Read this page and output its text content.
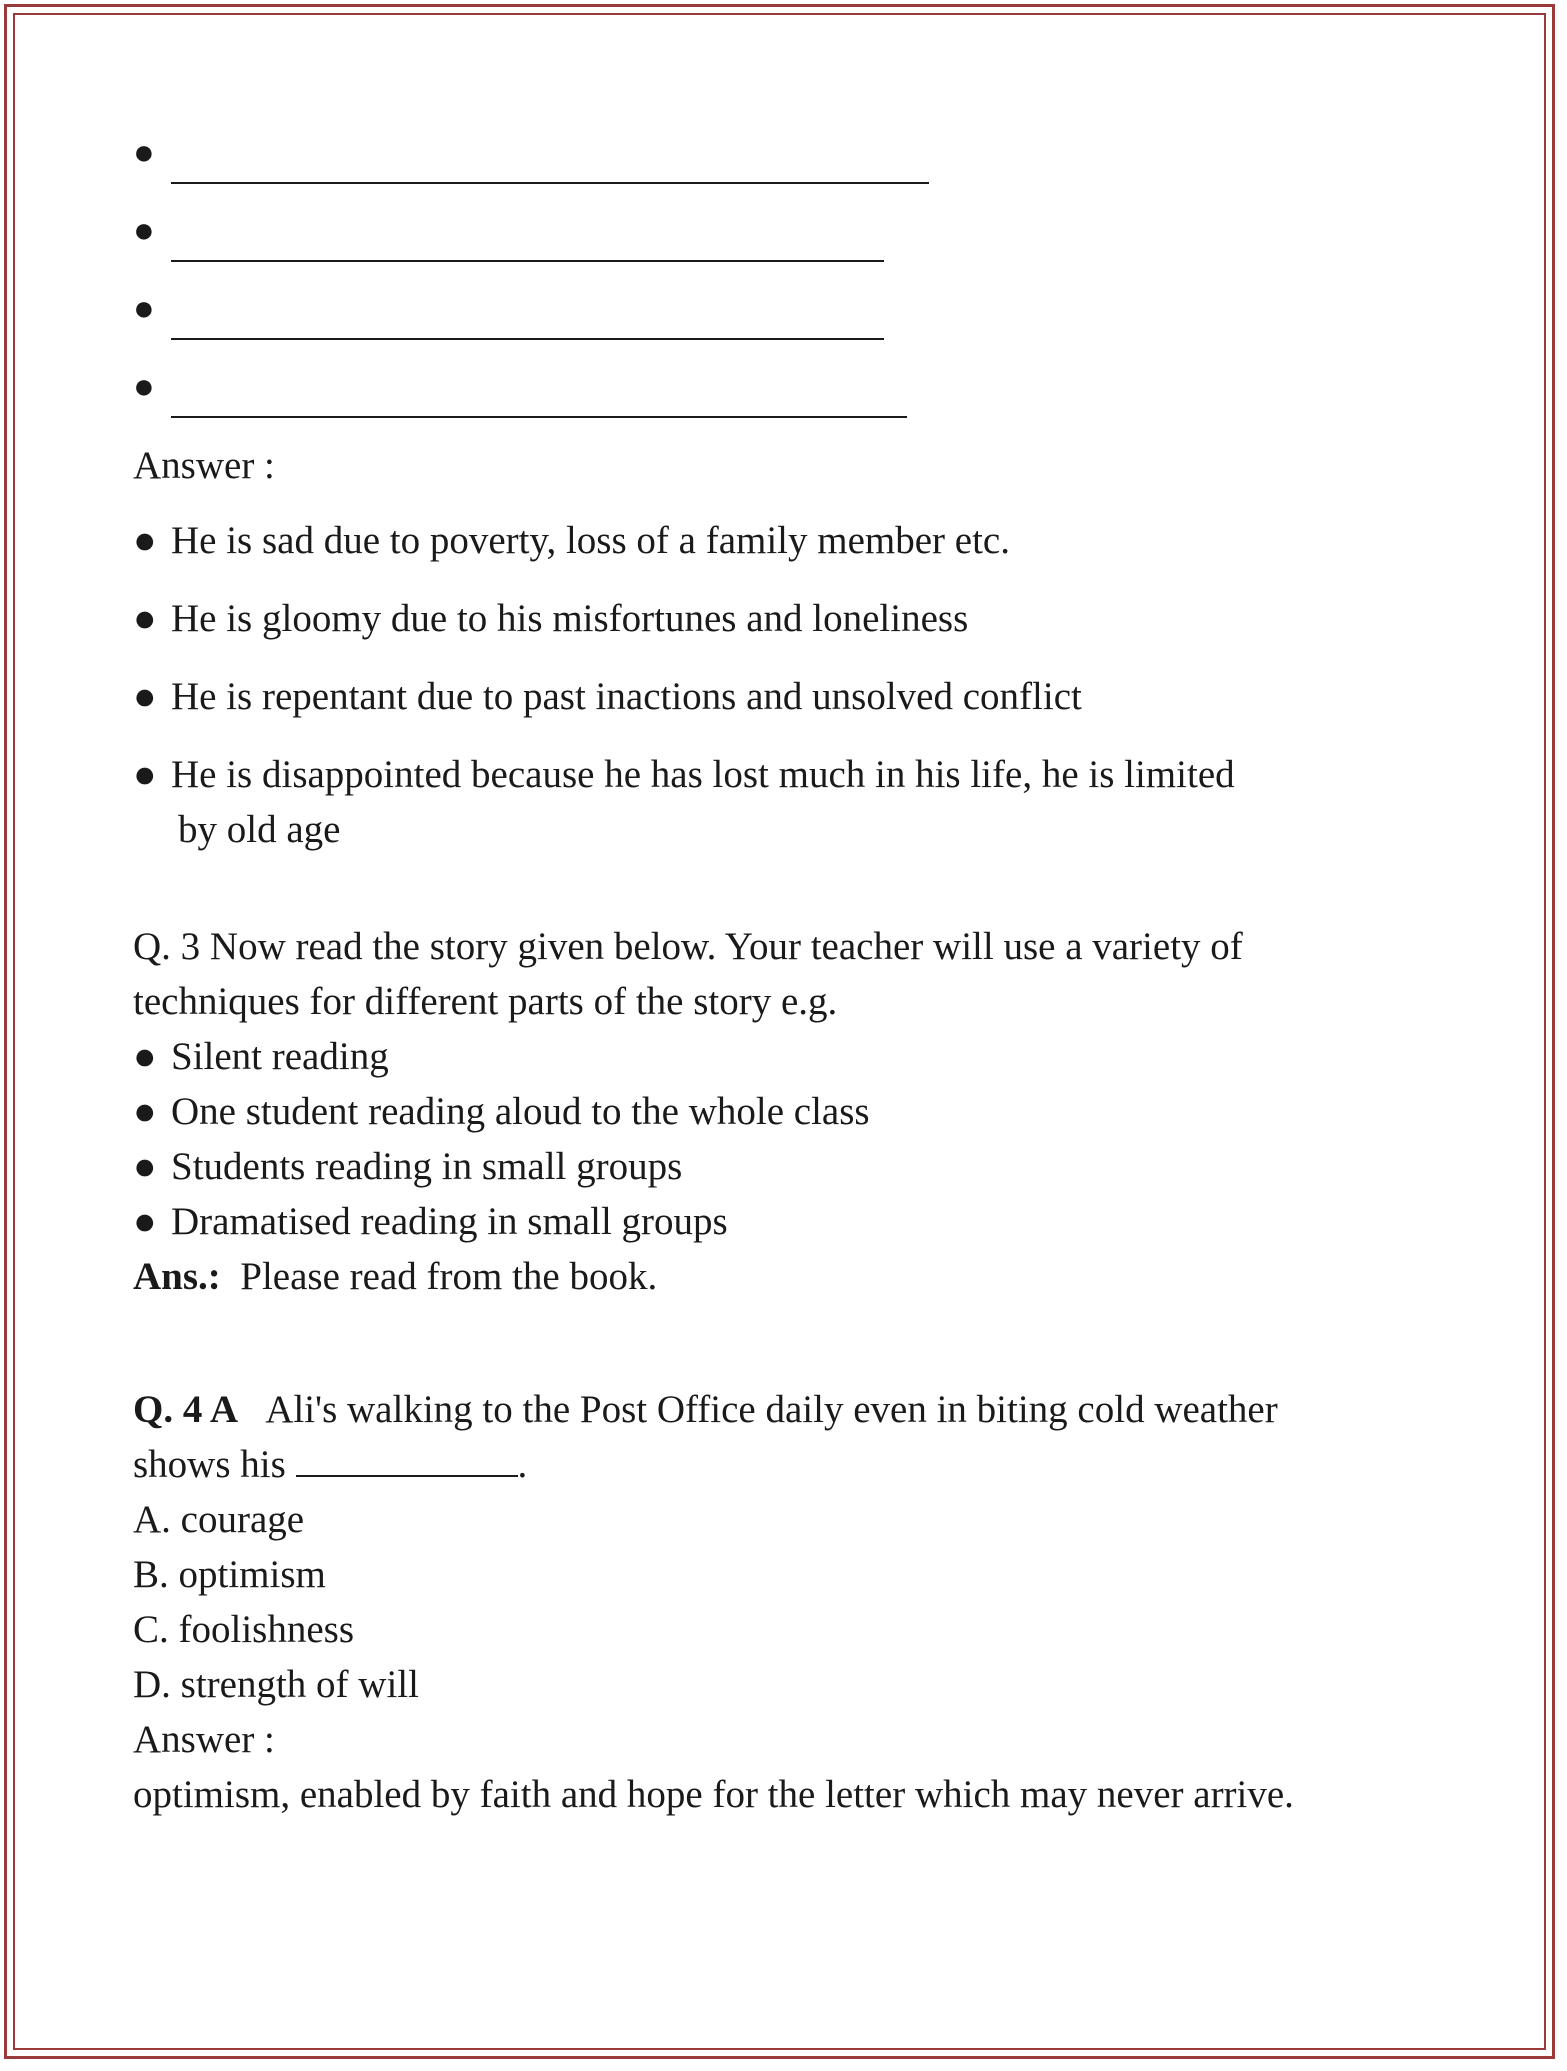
●
●
●
●
Answer :
● He is sad due to poverty, loss of a family member etc.
● He is gloomy due to his misfortunes and loneliness
● He is repentant due to past inactions and unsolved conflict
● He is disappointed because he has lost much in his life, he is limited
by old age
Q. 3 Now read the story given below. Your teacher will use a variety of
techniques for different parts of the story e.g.
● Silent reading
● One student reading aloud to the whole class
● Students reading in small groups
● Dramatised reading in small groups
Ans.: Please read from the book.
Q. 4 A Ali's walking to the Post Office daily even in biting cold weather
shows his	.
A. courage
B. optimism
C. foolishness
D. strength of will
Answer :
optimism, enabled by faith and hope for the letter which may never arrive.
